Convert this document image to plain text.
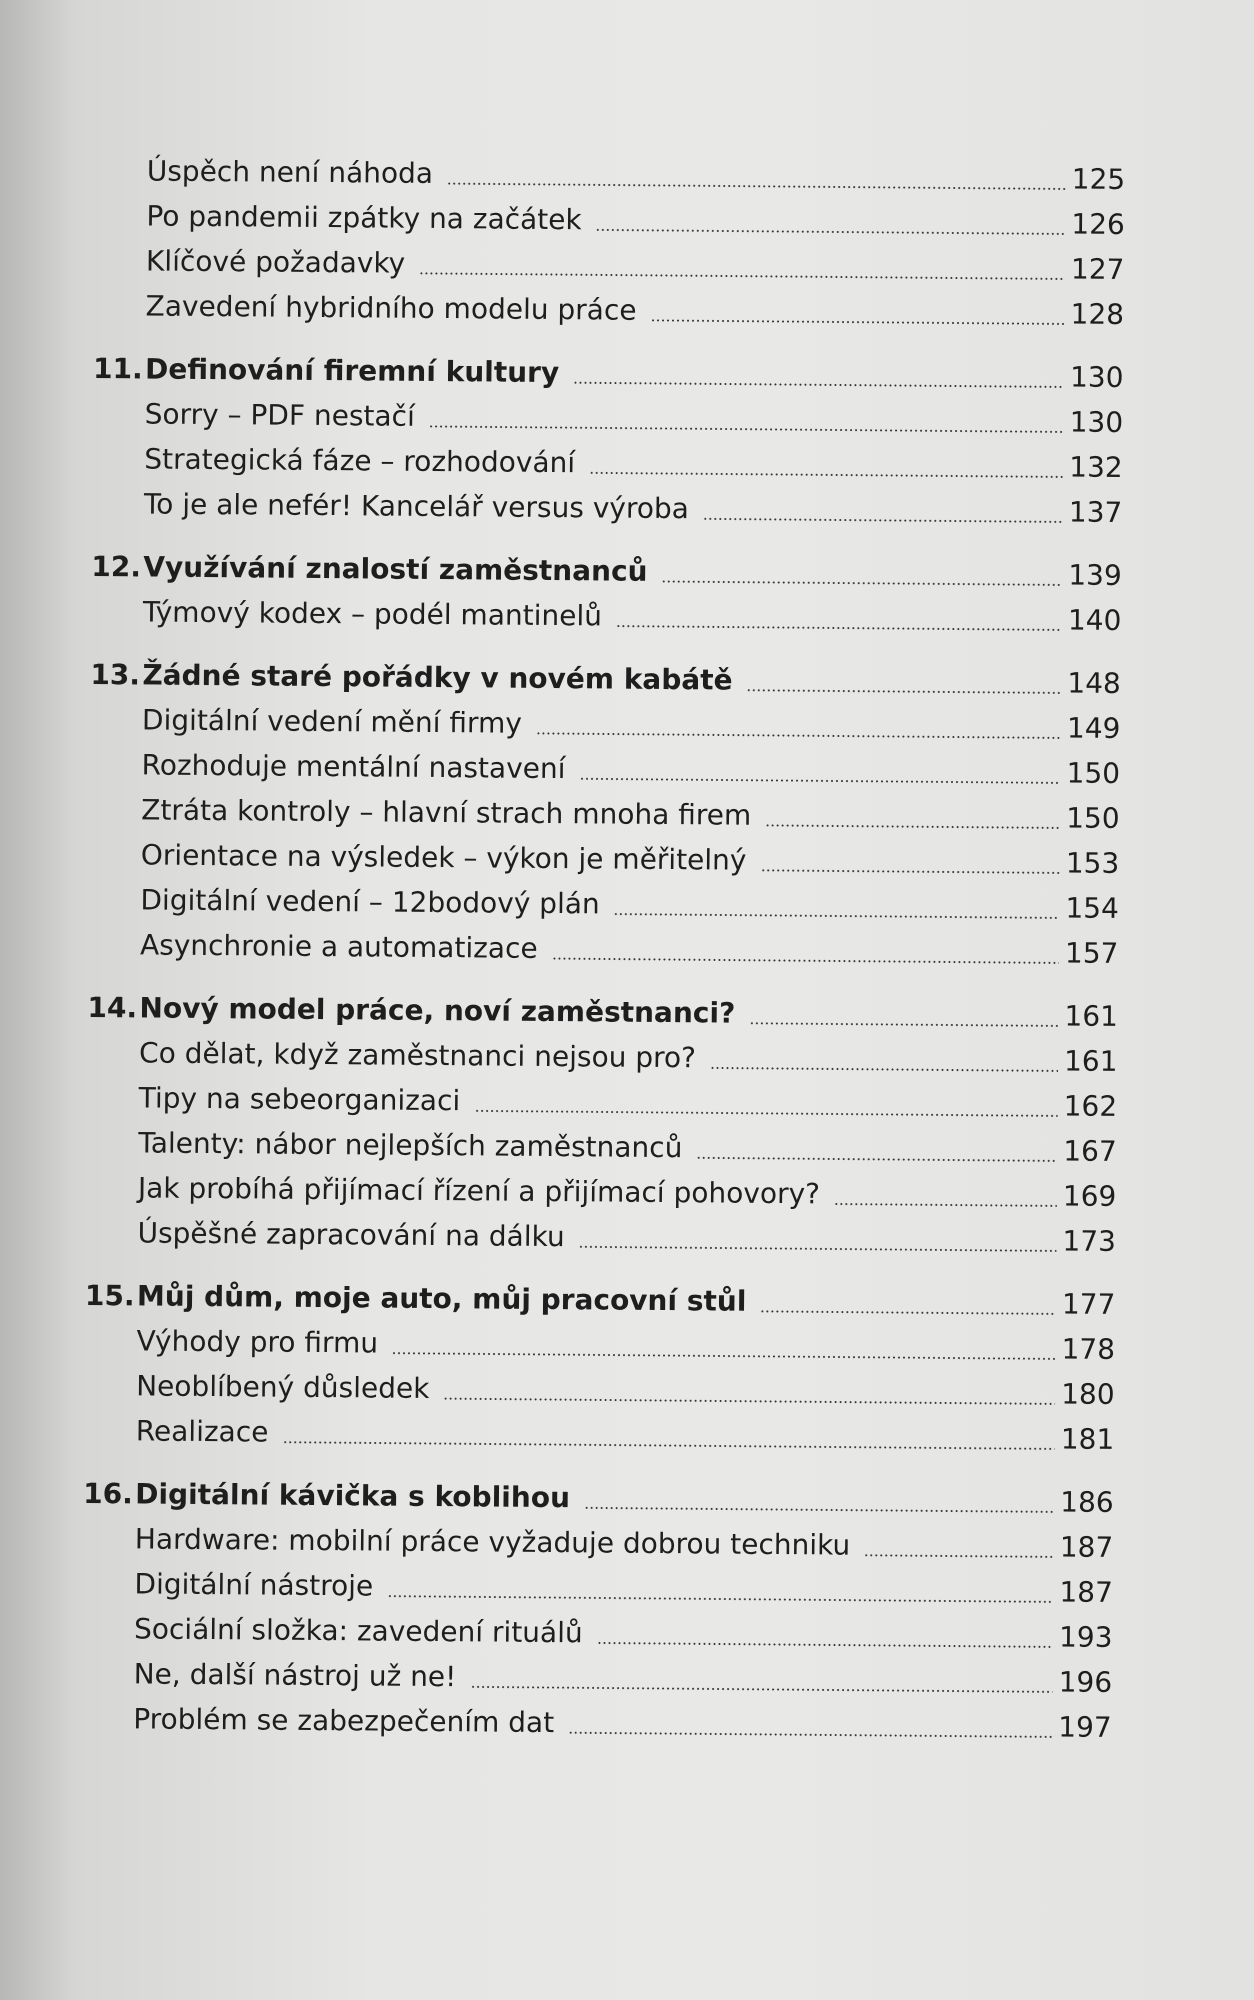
Úspěch není náhoda	125
Po pandemii zpátky na začátek	126
Klíčové požadavky	127
Zavedení hybridního modelu práce	128
11. Definování firemní kultury	130
Sorry – PDF nestačí	130
Strategická fáze – rozhodování	132
To je ale nefér! Kancelář versus výroba	137
12. Využívání znalostí zaměstnanců	139
Týmový kodex – podél mantinelů	140
13. Žádné staré pořádky v novém kabátě	148
Digitální vedení mění firmy	149
Rozhoduje mentální nastavení	150
Ztráta kontroly – hlavní strach mnoha firem	150
Orientace na výsledek – výkon je měřitelný	153
Digitální vedení – 12bodový plán	154
Asynchronie a automatizace	157
14. Nový model práce, noví zaměstnanci?	161
Co dělat, když zaměstnanci nejsou pro?	161
Tipy na sebeorganizaci	162
Talenty: nábor nejlepších zaměstnanců	167
Jak probíhá přijímací řízení a přijímací pohovory?	169
Úspěšné zapracování na dálku	173
15. Můj dům, moje auto, můj pracovní stůl	177
Výhody pro firmu	178
Neoblíbený důsledek	180
Realizace	181
16. Digitální kávička s koblihou	186
Hardware: mobilní práce vyžaduje dobrou techniku	187
Digitální nástroje	187
Sociální složka: zavedení rituálů	193
Ne, další nástroj už ne!	196
Problém se zabezpečením dat	197
